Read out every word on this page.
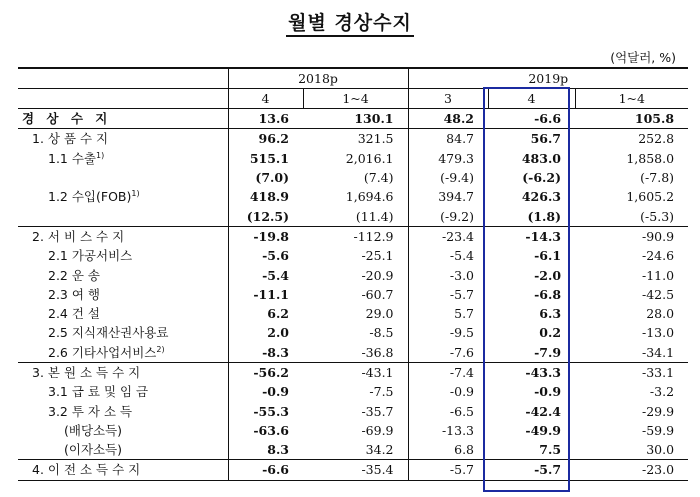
월별 경상수지
(억달러, %)
	2018p		2019p		
	4	1~4	3	4	1~4
경 상 수 지	13.6	130.1	48.2	-6.6	105.8
1. 상 품 수 지	96.2	321.5	84.7	56.7	252.8
1.1 수출$^{1)}$	515.1	2,016.1	479.3	483.0	1,858.0
	(7.0)	(7.4)	(-9.4)	(-6.2)	(-7.8)
1.2 수입(FOB)$^{1)}$	418.9	1,694.6	394.7	426.3	1,605.2
	(12.5)	(11.4)	(-9.2)	(1.8)	(-5.3)
2. 서 비 스 수 지	-19.8	-112.9	-23.4	-14.3	-90.9
2.1 가공서비스	-5.6	-25.1	-5.4	-6.1	-24.6
2.2 운 송	-5.4	-20.9	-3.0	-2.0	-11.0
2.3 여 행	-11.1	-60.7	-5.7	-6.8	-42.5
2.4 건 설	6.2	29.0	5.7	6.3	28.0
2.5 지식재산권사용료	2.0	-8.5	-9.5	0.2	-13.0
2.6 기타사업서비스$^{2)}$	-8.3	-36.8	-7.6	-7.9	-34.1
3. 본 원 소 득 수 지	-56.2	-43.1	-7.4	-43.3	-33.1
3.1 급 료 및 임 금	-0.9	-7.5	-0.9	-0.9	-3.2
3.2 투 자 소 득	-55.3	-35.7	-6.5	-42.4	-29.9
(배당소득)	-63.6	-69.9	-13.3	-49.9	-59.9
(이자소득)	8.3	34.2	6.8	7.5	30.0
4. 이 전 소 득 수 지	-6.6	-35.4	-5.7	-5.7	-23.0
